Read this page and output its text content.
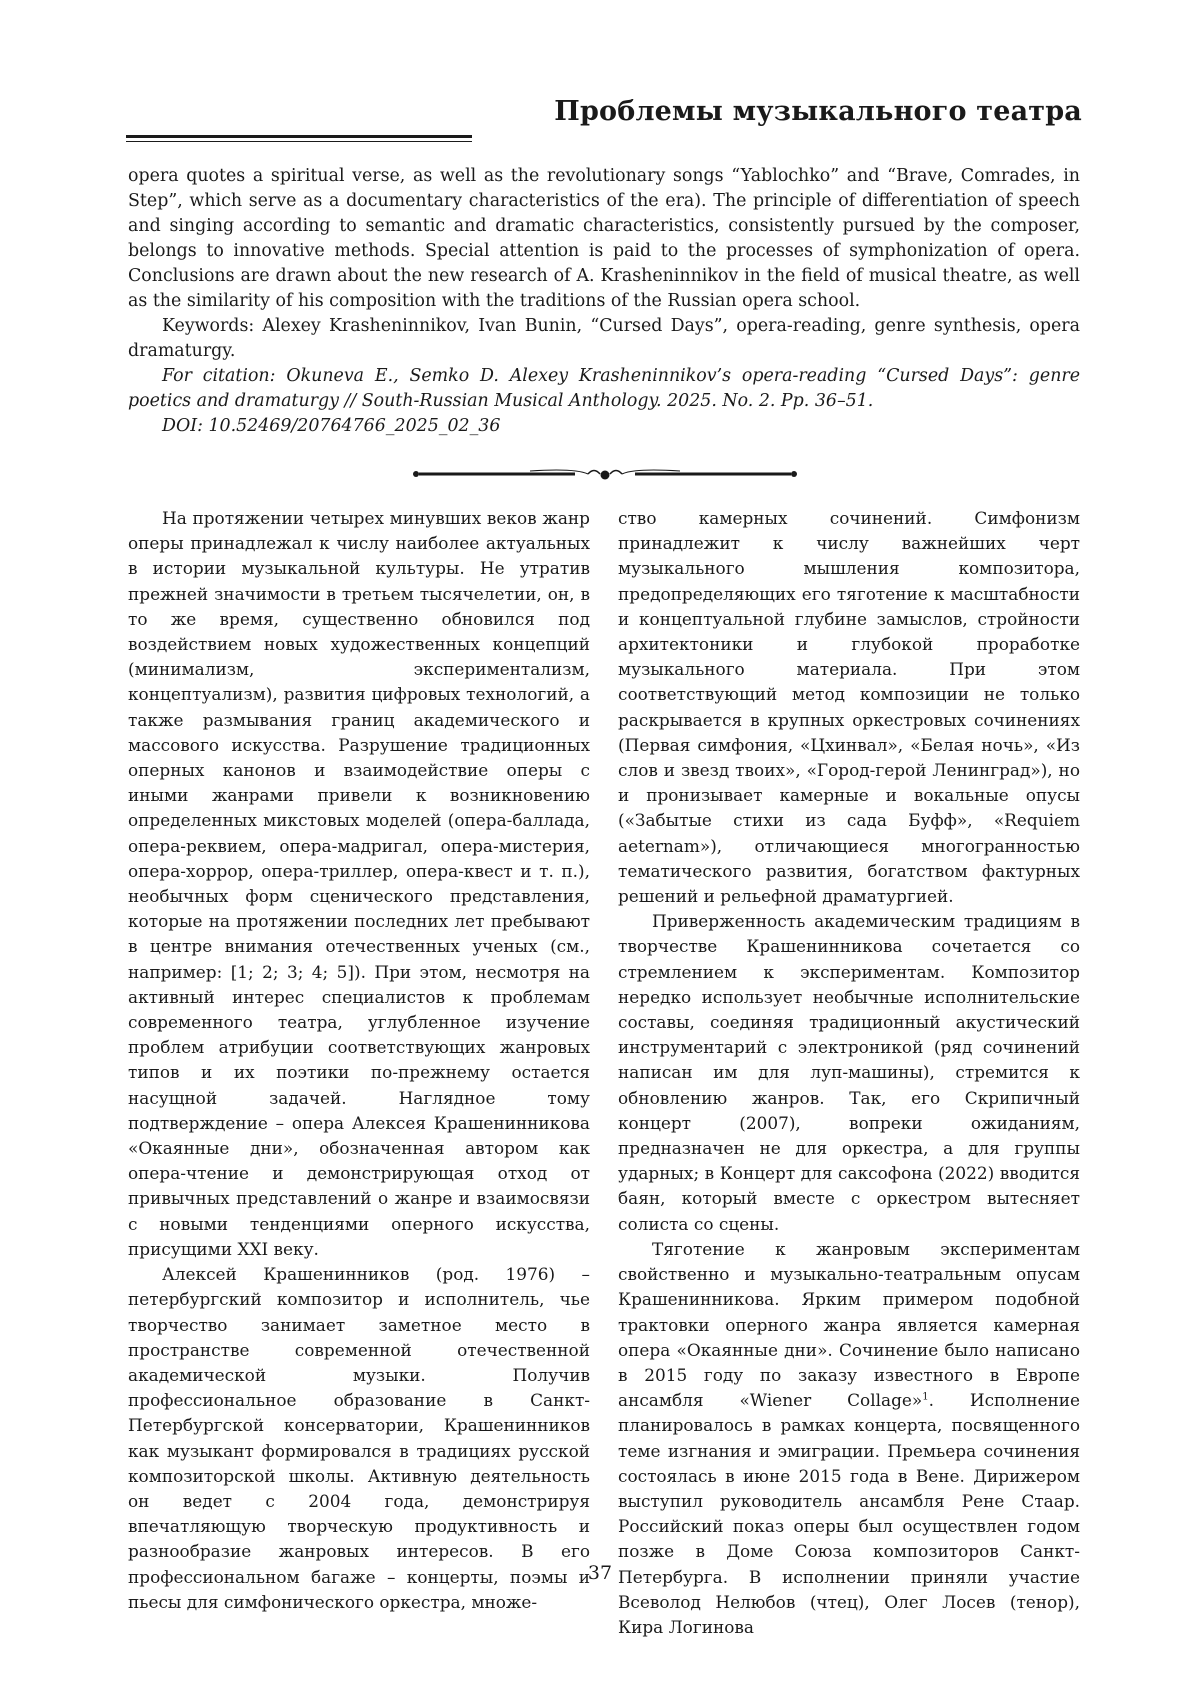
Проблемы музыкального театра

opera quotes a spiritual verse, as well as the revolutionary songs “Yablochko” and “Brave, Comrades, in Step”, which serve as a documentary characteristics of the era). The principle of differentiation of speech and singing according to semantic and dramatic characteristics, consistently pursued by the composer, belongs to innovative methods. Special attention is paid to the processes of symphonization of opera. Conclusions are drawn about the new research of A. Krasheninnikov in the field of musical theatre, as well as the similarity of his composition with the traditions of the Russian opera school.

Keywords: Alexey Krasheninnikov, Ivan Bunin, “Cursed Days”, opera-reading, genre synthesis, opera dramaturgy.

For citation: Okuneva E., Semko D. Alexey Krasheninnikov’s opera-reading “Cursed Days”: genre poetics and dramaturgy // South-Russian Musical Anthology. 2025. No. 2. Pp. 36–51.

DOI: 10.52469/20764766_2025_02_36

На протяжении четырех минувших веков жанр оперы принадлежал к числу наиболее актуальных в истории музыкальной культуры. Не утратив прежней значимости в третьем тысячелетии, он, в то же время, существенно обновился под воздействием новых художественных концепций (минимализм, экспериментализм, концептуализм), развития цифровых технологий, а также размывания границ академического и массового искусства. Разрушение традиционных оперных канонов и взаимодействие оперы с иными жанрами привели к возникновению определенных микстовых моделей (опера-баллада, опера-реквием, опера-мадригал, опера-мистерия, опера-хоррор, опера-триллер, опера-квест и т. п.), необычных форм сценического представления, которые на протяжении последних лет пребывают в центре внимания отечественных ученых (см., например: [1; 2; 3; 4; 5]). При этом, несмотря на активный интерес специалистов к проблемам современного театра, углубленное изучение проблем атрибуции соответствующих жанровых типов и их поэтики по-прежнему остается насущной задачей. Наглядное тому подтверждение – опера Алексея Крашенинникова «Окаянные дни», обозначенная автором как опера-чтение и демонстрирующая отход от привычных представлений о жанре и взаимосвязи с новыми тенденциями оперного искусства, присущими XXI веку.

Алексей Крашенинников (род. 1976) – петербургский композитор и исполнитель, чье творчество занимает заметное место в пространстве современной отечественной академической музыки. Получив профессиональное образование в Санкт-Петербургской консерватории, Крашенинников как музыкант формировался в традициях русской композиторской школы. Активную деятельность он ведет с 2004 года, демонстрируя впечатляющую творческую продуктивность и разнообразие жанровых интересов. В его профессиональном багаже – концерты, поэмы и пьесы для симфонического оркестра, множе-

ство камерных сочинений. Симфонизм принадлежит к числу важнейших черт музыкального мышления композитора, предопределяющих его тяготение к масштабности и концептуальной глубине замыслов, стройности архитектоники и глубокой проработке музыкального материала. При этом соответствующий метод композиции не только раскрывается в крупных оркестровых сочинениях (Первая симфония, «Цхинвал», «Белая ночь», «Из слов и звезд твоих», «Город-герой Ленинград»), но и пронизывает камерные и вокальные опусы («Забытые стихи из сада Буфф», «Requiem aeternam»), отличающиеся многогранностью тематического развития, богатством фактурных решений и рельефной драматургией.

Приверженность академическим традициям в творчестве Крашенинникова сочетается со стремлением к экспериментам. Композитор нередко использует необычные исполнительские составы, соединяя традиционный акустический инструментарий с электроникой (ряд сочинений написан им для луп-машины), стремится к обновлению жанров. Так, его Скрипичный концерт (2007), вопреки ожиданиям, предназначен не для оркестра, а для группы ударных; в Концерт для саксофона (2022) вводится баян, который вместе с оркестром вытесняет солиста со сцены.

Тяготение к жанровым экспериментам свойственно и музыкально-театральным опусам Крашенинникова. Ярким примером подобной трактовки оперного жанра является камерная опера «Окаянные дни». Сочинение было написано в 2015 году по заказу известного в Европе ансамбля «Wiener Collage»$^1$. Исполнение планировалось в рамках концерта, посвященного теме изгнания и эмиграции. Премьера сочинения состоялась в июне 2015 года в Вене. Дирижером выступил руководитель ансамбля Рене Стаар. Российский показ оперы был осуществлен годом позже в Доме Союза композиторов Санкт-Петербурга. В исполнении приняли участие Всеволод Нелюбов (чтец), Олег Лосев (тенор), Кира Логинова

37
